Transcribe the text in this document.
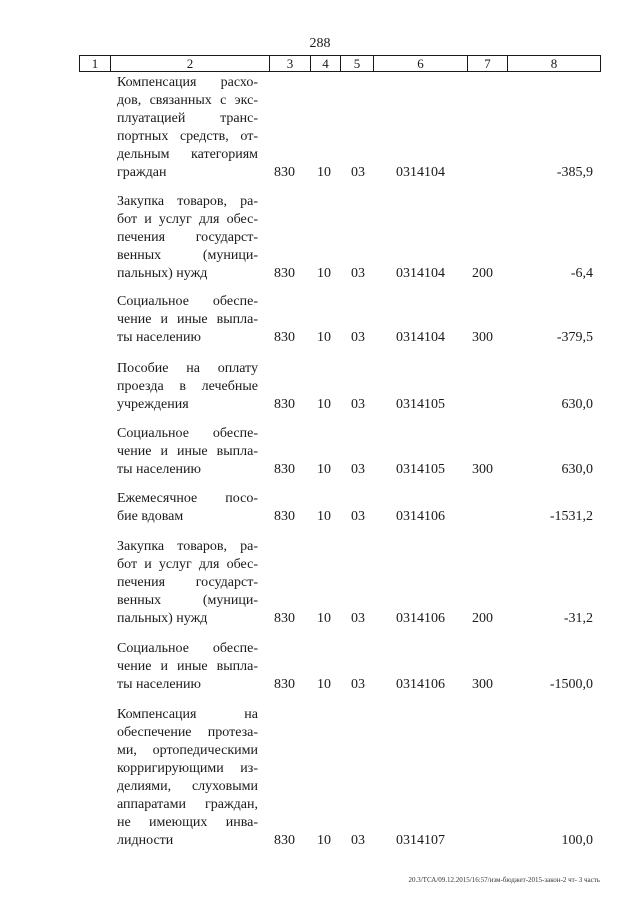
288
1	2	3	4	5	6	7	8
Компенсация расхо-
дов, связанных с экс-
плуатацией транс-
портных средств, от-
дельным категориям
граждан	830 10 03 0314104	-385,9
Закупка товаров, ра-
бот и услуг для обес-
печения государст-
венных (муници-
пальных) нужд	830 10 03 0314104 200	-6,4
Социальное обеспе-
чение и иные выпла-
ты населению	830 10 03 0314104 300	-379,5
Пособие на оплату
проезда в лечебные
учреждения	830 10 03 0314105	630,0
Социальное обеспе-
чение и иные выпла-
ты населению	830 10 03 0314105 300	630,0
Ежемесячное посо-
бие вдовам	830 10 03 0314106	-1531,2
Закупка товаров, ра-
бот и услуг для обес-
печения государст-
венных (муници-
пальных) нужд	830 10 03 0314106 200	-31,2
Социальное обеспе-
чение и иные выпла-
ты населению	830 10 03 0314106 300	-1500,0
Компенсация на
обеспечение протеза-
ми, ортопедическими
корригирующими из-
делиями, слуховыми
аппаратами граждан,
не имеющих инва-
лидности	830 10 03 0314107	100,0
20.3/ТСА/09.12.2015/16:57/изм-бюджет-2015-закон-2 чт- 3 часть
